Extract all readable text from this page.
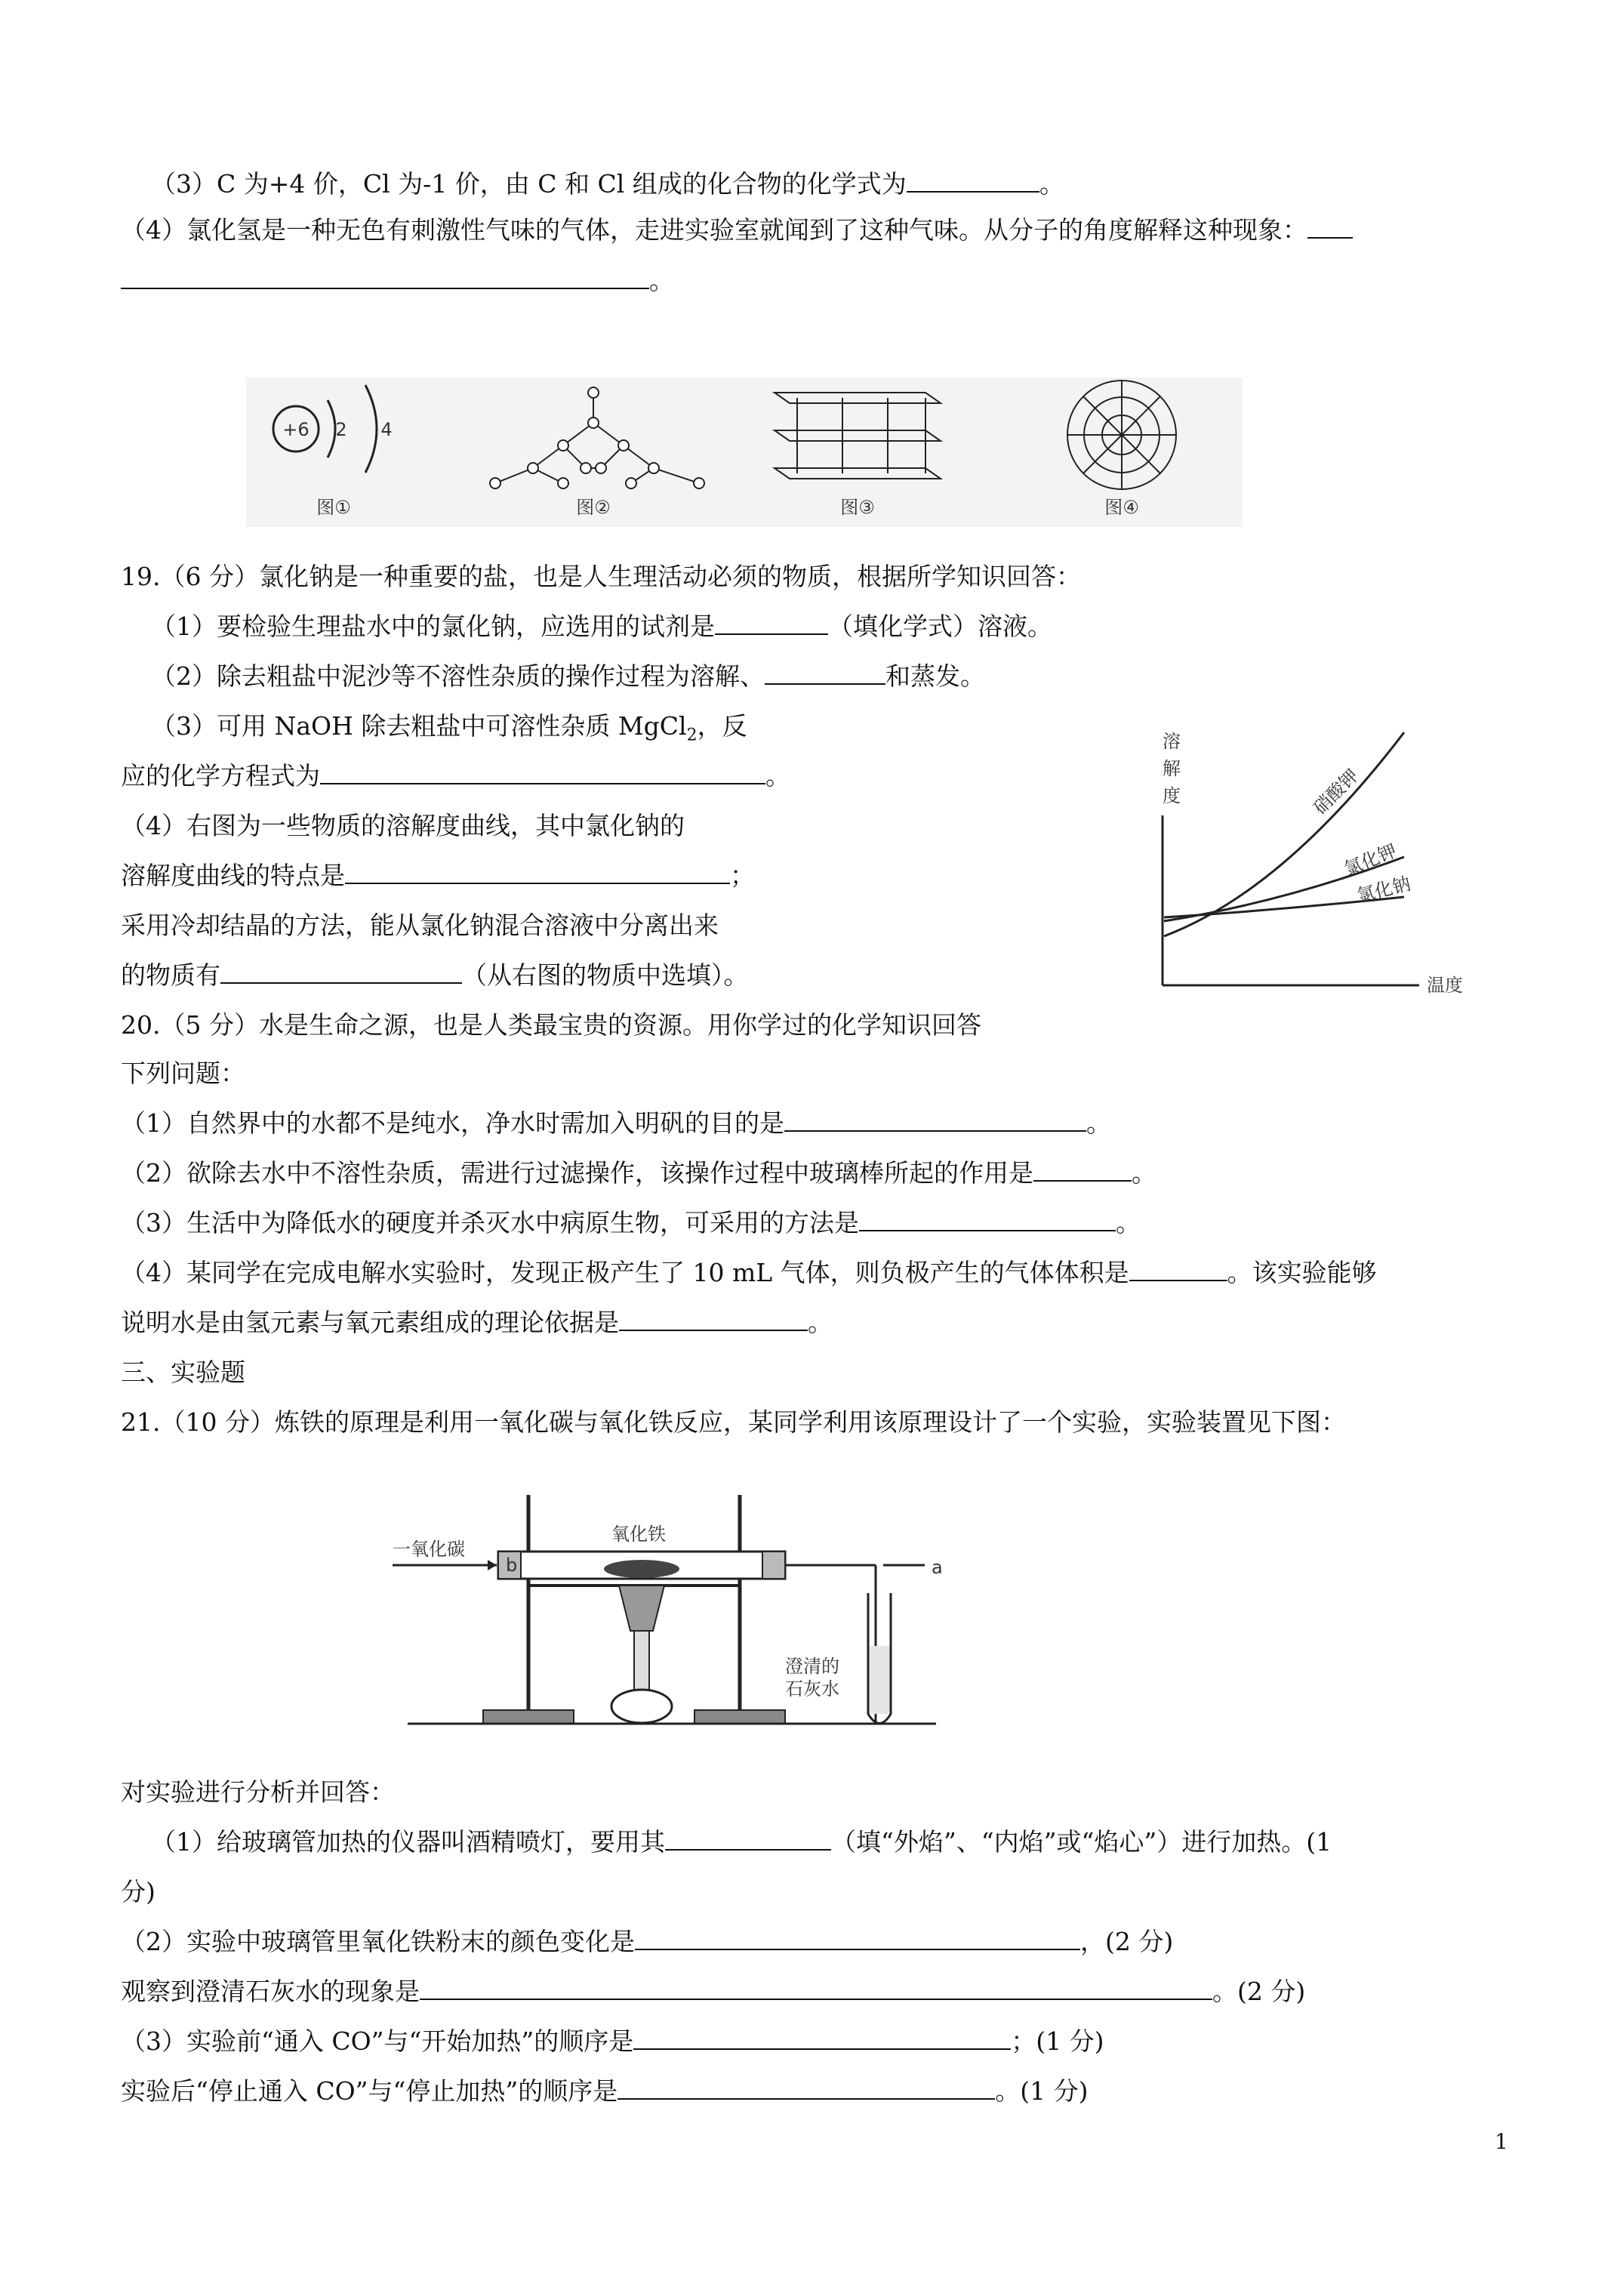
（3）C 为+4 价，Cl 为-1 价，由 C 和 Cl 组成的化合物的化学式为	。
（4）氯化氢是一种无色有刺激性气味的气体，走进实验室就闻到了这种气味。从分子的角度解释这种现象：
。
+6 2 4
图①	图②	图③	图④
19.（6 分）氯化钠是一种重要的盐，也是人生理活动必须的物质，根据所学知识回答：
（1）要检验生理盐水中的氯化钠，应选用的试剂是	（填化学式）溶液。
（2）除去粗盐中泥沙等不溶性杂质的操作过程为溶解、	和蒸发。
（3）可用 NaOH 除去粗盐中可溶性杂质 MgCl$_2$，反
应的化学方程式为	。
（4）右图为一些物质的溶解度曲线，其中氯化钠的
溶解度曲线的特点是	；
采用冷却结晶的方法，能从氯化钠混合溶液中分离出来
的物质有	（从右图的物质中选填）。
溶
解
度
温度
硝酸钾
氯化钾
氯化钠
20.（5 分）水是生命之源，也是人类最宝贵的资源。用你学过的化学知识回答
下列问题：
（1）自然界中的水都不是纯水，净水时需加入明矾的目的是	。
（2）欲除去水中不溶性杂质，需进行过滤操作，该操作过程中玻璃棒所起的作用是	。
（3）生活中为降低水的硬度并杀灭水中病原生物，可采用的方法是	。
（4）某同学在完成电解水实验时，发现正极产生了 10 mL 气体，则负极产生的气体体积是	。该实验能够
说明水是由氢元素与氧元素组成的理论依据是	。
三、实验题
21.（10 分）炼铁的原理是利用一氧化碳与氧化铁反应，某同学利用该原理设计了一个实验，实验装置见下图：
一氧化碳
b
氧化铁
a
澄清的
石灰水
对实验进行分析并回答：
（1）给玻璃管加热的仪器叫酒精喷灯，要用其	（填“外焰”、“内焰”或“焰心”）进行加热。(1
分)
（2）实验中玻璃管里氧化铁粉末的颜色变化是	，(2 分)
观察到澄清石灰水的现象是	。(2 分)
（3）实验前“通入 CO”与“开始加热”的顺序是	；(1 分)
实验后“停止通入 CO”与“停止加热”的顺序是	。(1 分)
1
